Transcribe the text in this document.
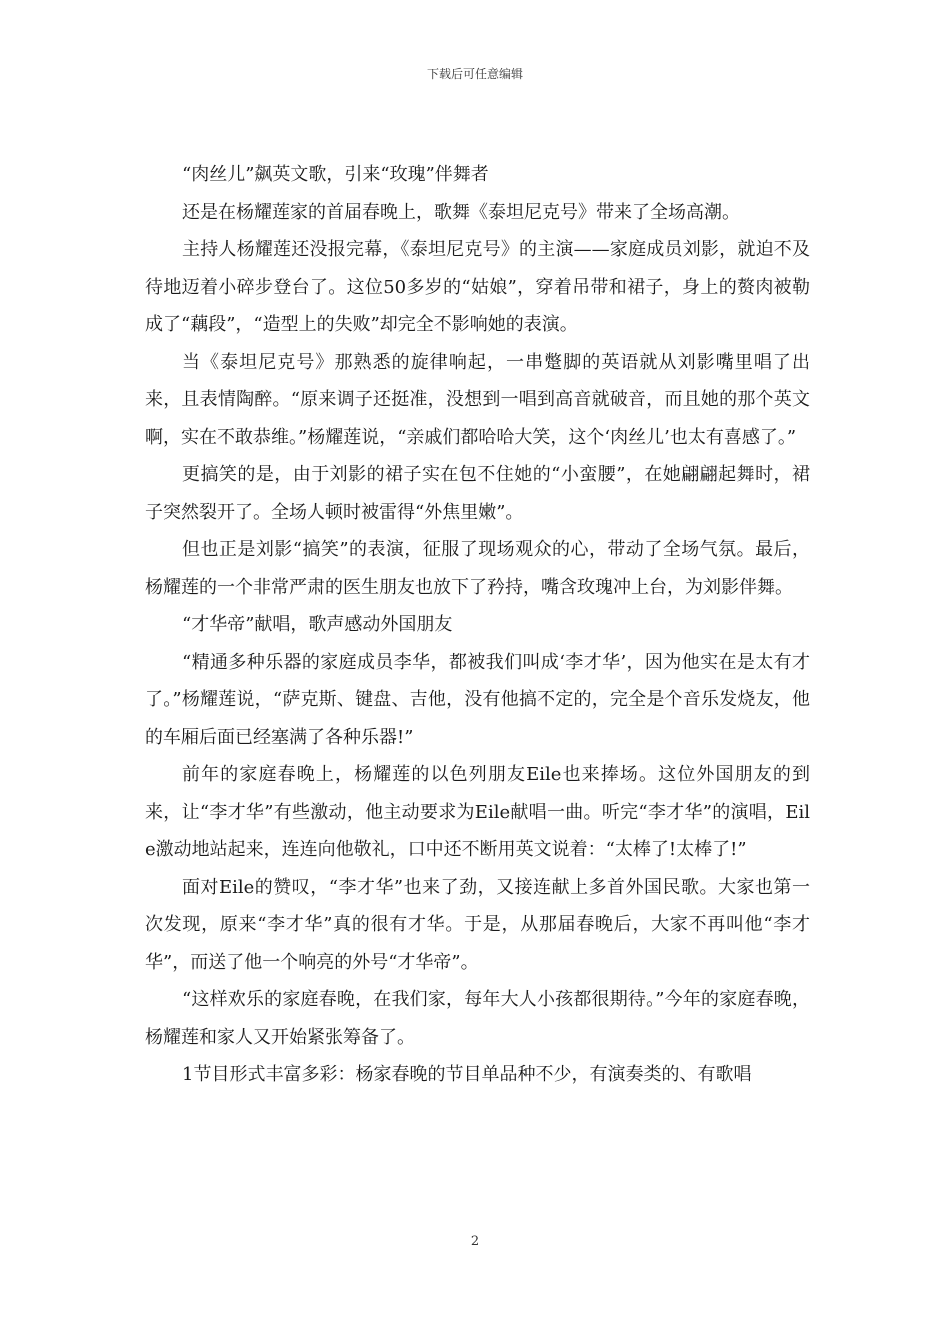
下载后可任意编辑

“肉丝儿”飙英文歌，引来“玫瑰”伴舞者

还是在杨耀莲家的首届春晚上，歌舞《泰坦尼克号》带来了全场高潮。

主持人杨耀莲还没报完幕，《泰坦尼克号》的主演——家庭成员刘影，就迫不及待地迈着小碎步登台了。这位50多岁的“姑娘”，穿着吊带和裙子，身上的赘肉被勒成了“藕段”，“造型上的失败”却完全不影响她的表演。

当《泰坦尼克号》那熟悉的旋律响起，一串蹩脚的英语就从刘影嘴里唱了出来，且表情陶醉。“原来调子还挺准，没想到一唱到高音就破音，而且她的那个英文啊，实在不敢恭维。”杨耀莲说，“亲戚们都哈哈大笑，这个‘肉丝儿’也太有喜感了。”

更搞笑的是，由于刘影的裙子实在包不住她的“小蛮腰”，在她翩翩起舞时，裙子突然裂开了。全场人顿时被雷得“外焦里嫩”。

但也正是刘影“搞笑”的表演，征服了现场观众的心，带动了全场气氛。最后，杨耀莲的一个非常严肃的医生朋友也放下了矜持，嘴含玫瑰冲上台，为刘影伴舞。

“才华帝”献唱，歌声感动外国朋友

“精通多种乐器的家庭成员李华，都被我们叫成‘李才华’，因为他实在是太有才了。”杨耀莲说，“萨克斯、键盘、吉他，没有他搞不定的，完全是个音乐发烧友，他的车厢后面已经塞满了各种乐器!”

前年的家庭春晚上，杨耀莲的以色列朋友Eile也来捧场。这位外国朋友的到来，让“李才华”有些激动，他主动要求为Eile献唱一曲。听完“李才华”的演唱，Eile激动地站起来，连连向他敬礼，口中还不断用英文说着：“太棒了!太棒了!”

面对Eile的赞叹，“李才华”也来了劲，又接连献上多首外国民歌。大家也第一次发现，原来“李才华”真的很有才华。于是，从那届春晚后，大家不再叫他“李才华”，而送了他一个响亮的外号“才华帝”。

“这样欢乐的家庭春晚，在我们家，每年大人小孩都很期待。”今年的家庭春晚，杨耀莲和家人又开始紧张筹备了。

1节目形式丰富多彩：杨家春晚的节目单品种不少，有演奏类的、有歌唱

2
